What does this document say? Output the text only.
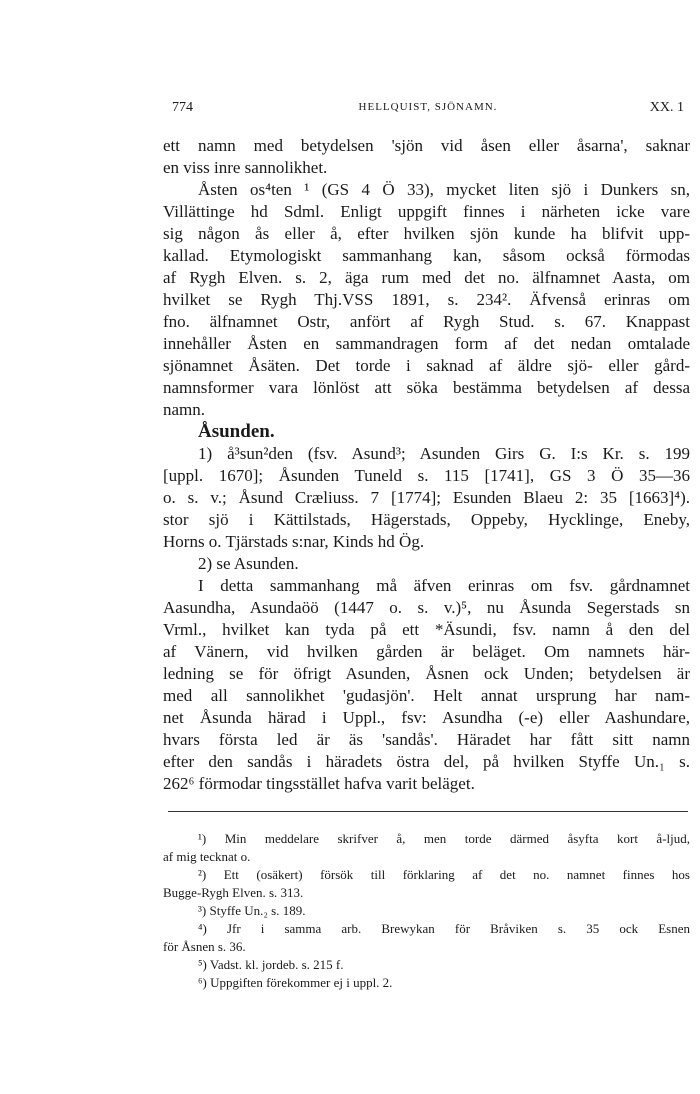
774	HELLQUIST, SJÖNAMN.	XX. 1
ett namn med betydelsen 'sjön vid åsen eller åsarna', saknar
en viss inre sannolikhet.
Åsten os⁴ten ¹ (GS 4 Ö 33), mycket liten sjö i Dunkers sn,
Villättinge hd Sdml. Enligt uppgift finnes i närheten icke vare
sig någon ås eller å, efter hvilken sjön kunde ha blifvit upp-
kallad. Etymologiskt sammanhang kan, såsom också förmodas
af Rygh Elven. s. 2, äga rum med det no. älfnamnet Aasta, om
hvilket se Rygh Thj.VSS 1891, s. 234². Äfvenså erinras om
fno. älfnamnet Ostr, anfört af Rygh Stud. s. 67. Knappast
innehåller Åsten en sammandragen form af det nedan omtalade
sjönamnet Åsäten. Det torde i saknad af äldre sjö- eller gård-
namnsformer vara lönlöst att söka bestämma betydelsen af dessa
namn.
Åsunden.
1) å³sun²den (fsv. Asund³; Asunden Girs G. I:s Kr. s. 199
[uppl. 1670]; Åsunden Tuneld s. 115 [1741], GS 3 Ö 35—36
o. s. v.; Åsund Cræliuss. 7 [1774]; Esunden Blaeu 2: 35 [1663]⁴).
stor sjö i Kättilstads, Hägerstads, Oppeby, Hycklinge, Eneby,
Horns o. Tjärstads s:nar, Kinds hd Ög.
2) se Asunden.
I detta sammanhang må äfven erinras om fsv. gårdnamnet
Aasundha, Asundaöö (1447 o. s. v.)⁵, nu Åsunda Segerstads sn
Vrml., hvilket kan tyda på ett *Äsundi, fsv. namn å den del
af Vänern, vid hvilken gården är beläget. Om namnets här-
ledning se för öfrigt Asunden, Åsnen ock Unden; betydelsen är
med all sannolikhet 'gudasjön'. Helt annat ursprung har nam-
net Åsunda härad i Uppl., fsv: Asundha (-e) eller Aashundare,
hvars första led är äs 'sandås'. Häradet har fått sitt namn
efter den sandås i häradets östra del, på hvilken Styffe Un.₁ s.
262⁶ förmodar tingsstället hafva varit beläget.
¹) Min meddelare skrifver å, men torde därmed åsyfta kort å-ljud,
af mig tecknat o.
²) Ett (osäkert) försök till förklaring af det no. namnet finnes hos
Bugge-Rygh Elven. s. 313.
³) Styffe Un.₂ s. 189.
⁴) Jfr i samma arb. Brewykan för Bråviken s. 35 ock Esnen
för Åsnen s. 36.
⁵) Vadst. kl. jordeb. s. 215 f.
⁶) Uppgiften förekommer ej i uppl. 2.
